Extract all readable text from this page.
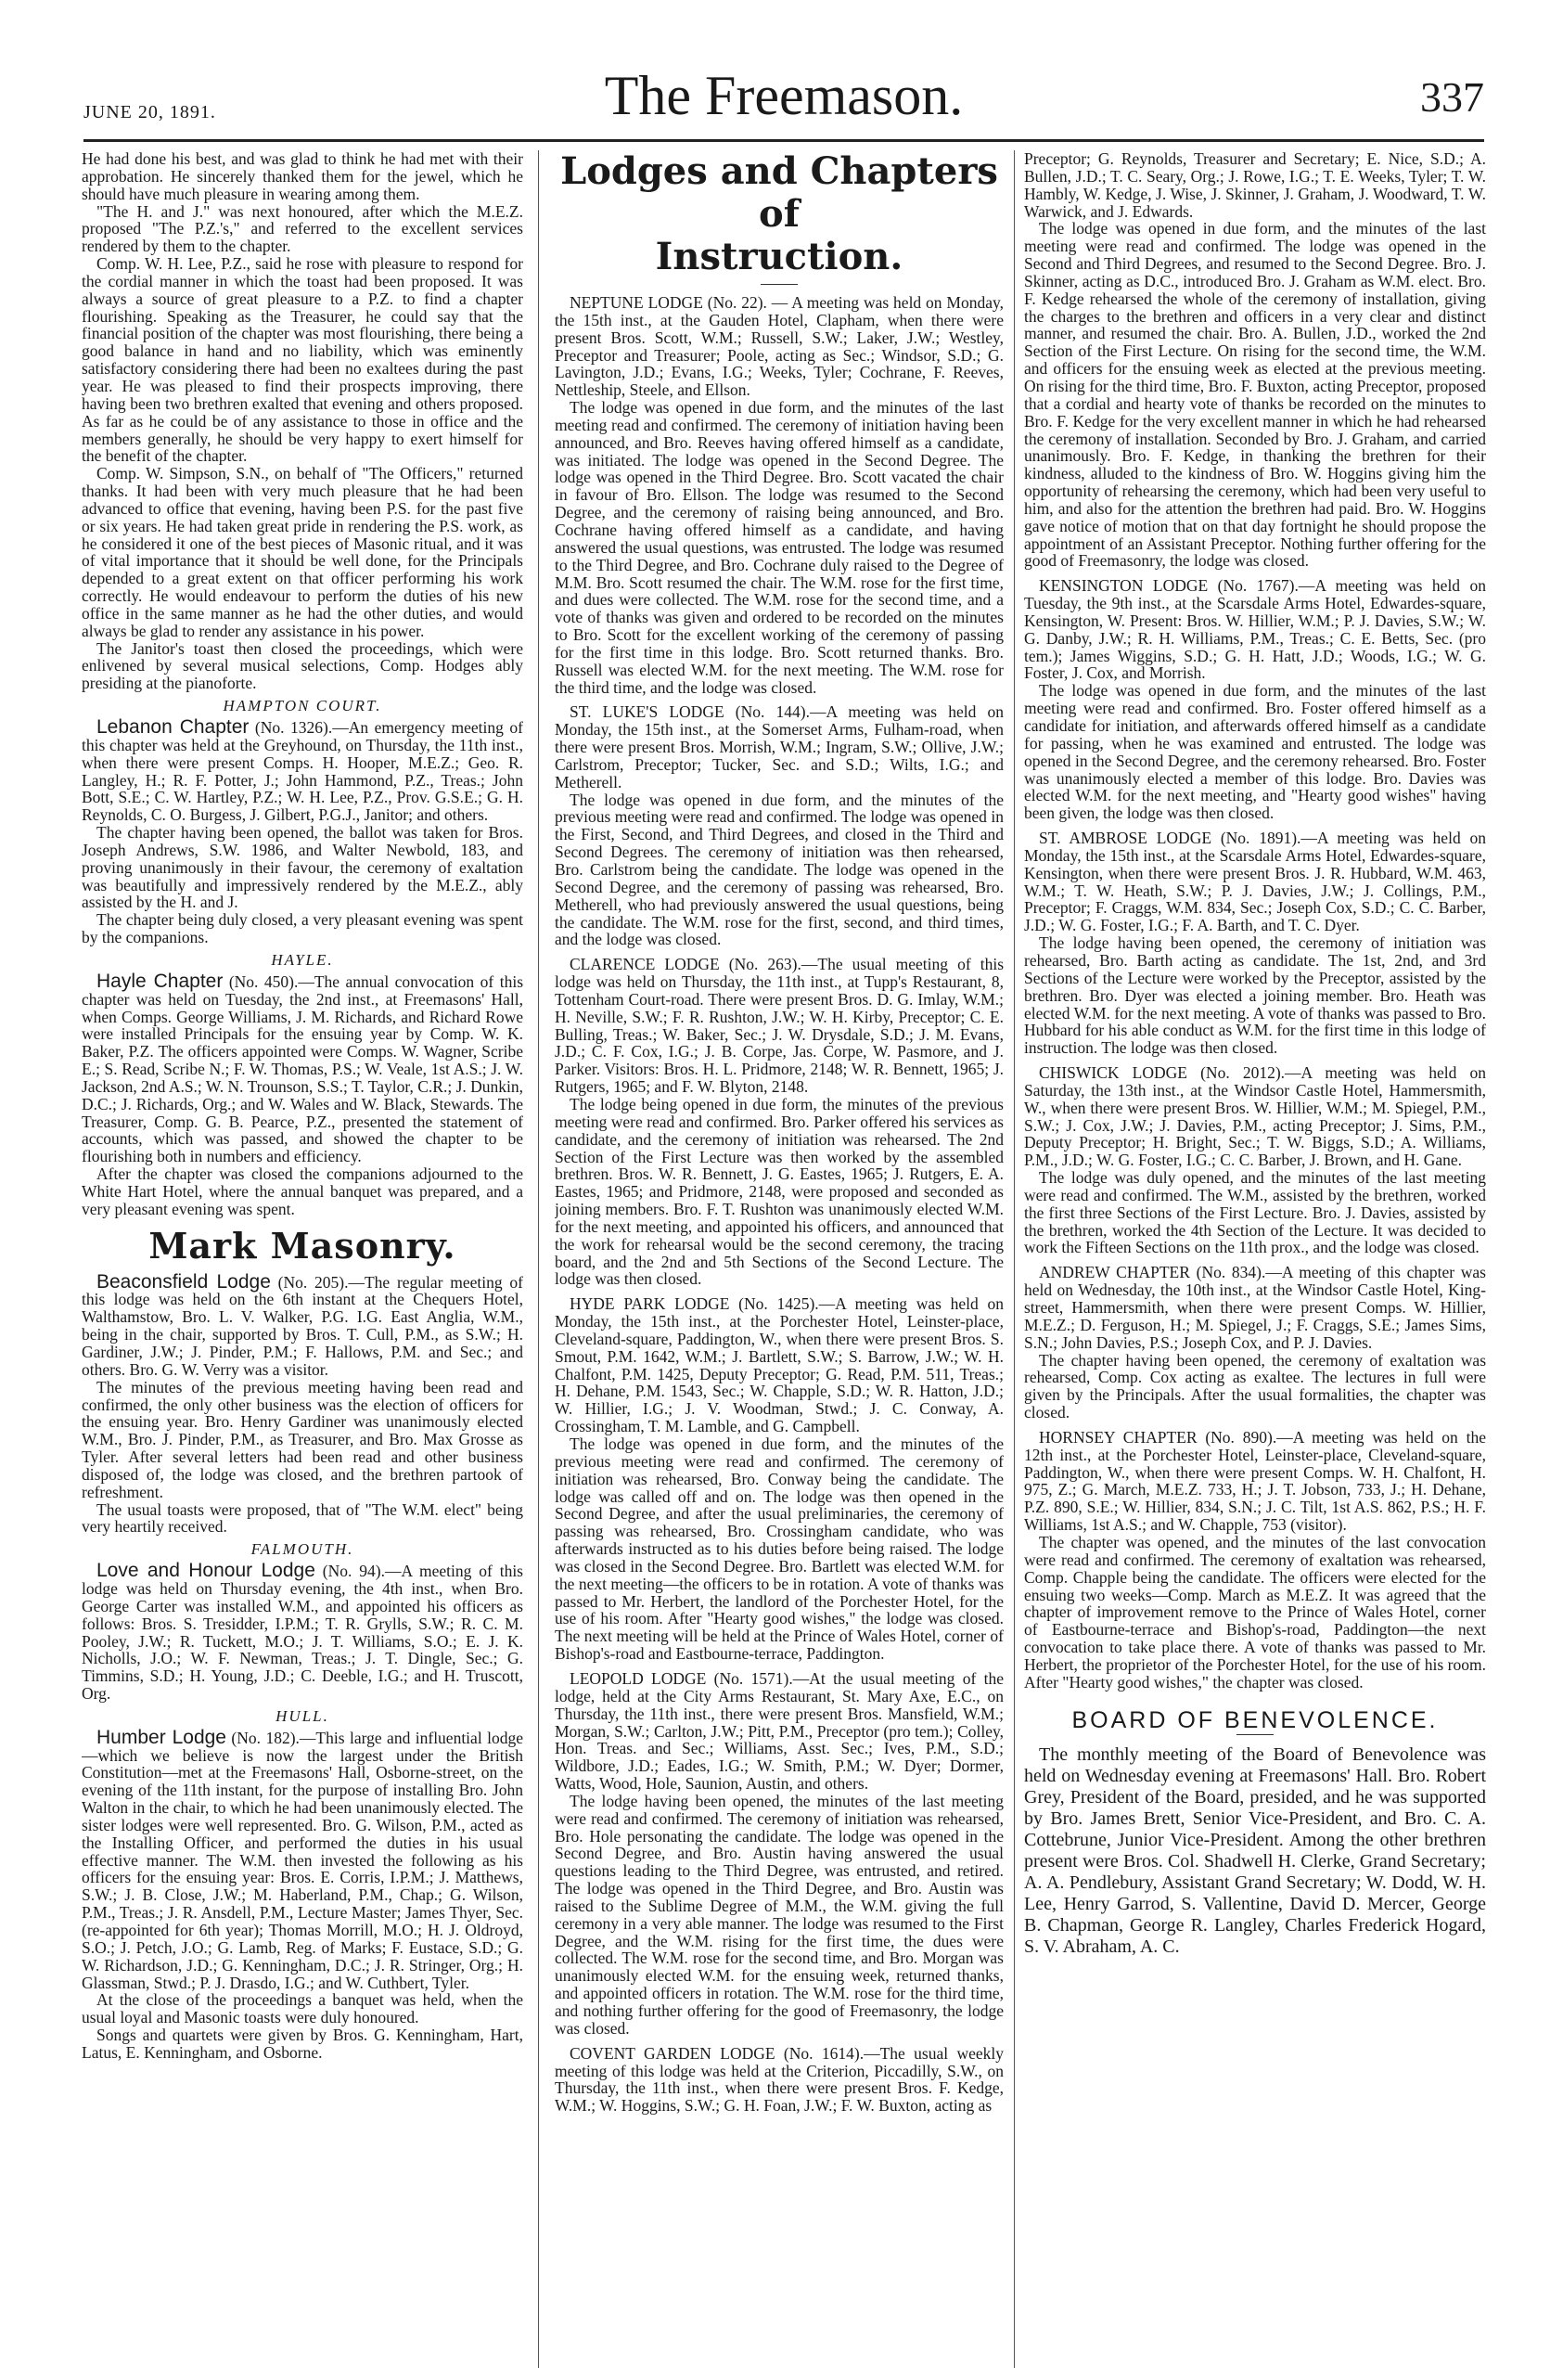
JUNE 20, 1891.	The Freemason.	337

He had done his best, and was glad to think he had met with their approbation. He sincerely thanked them for the jewel, which he should have much pleasure in wearing among them.

"The H. and J." was next honoured, after which the M.E.Z. proposed "The P.Z.'s," and referred to the excellent services rendered by them to the chapter.

Comp. W. H. Lee, P.Z., said he rose with pleasure to respond for the cordial manner in which the toast had been proposed. It was always a source of great pleasure to a P.Z. to find a chapter flourishing. Speaking as the Treasurer, he could say that the financial position of the chapter was most flourishing, there being a good balance in hand and no liability, which was eminently satisfactory considering there had been no exaltees during the past year. He was pleased to find their prospects improving, there having been two brethren exalted that evening and others proposed. As far as he could be of any assistance to those in office and the members generally, he should be very happy to exert himself for the benefit of the chapter.

Comp. W. Simpson, S.N., on behalf of "The Officers," returned thanks. It had been with very much pleasure that he had been advanced to office that evening, having been P.S. for the past five or six years. He had taken great pride in rendering the P.S. work, as he considered it one of the best pieces of Masonic ritual, and it was of vital importance that it should be well done, for the Principals depended to a great extent on that officer performing his work correctly. He would endeavour to perform the duties of his new office in the same manner as he had the other duties, and would always be glad to render any assistance in his power.

The Janitor's toast then closed the proceedings, which were enlivened by several musical selections, Comp. Hodges ably presiding at the pianoforte.

HAMPTON COURT.

Lebanon Chapter (No. 1326).—An emergency meeting of this chapter was held at the Greyhound, on Thursday, the 11th inst., when there were present Comps. H. Hooper, M.E.Z.; Geo. R. Langley, H.; R. F. Potter, J.; John Hammond, P.Z., Treas.; John Bott, S.E.; C. W. Hartley, P.Z.; W. H. Lee, P.Z., Prov. G.S.E.; G. H. Reynolds, C. O. Burgess, J. Gilbert, P.G.J., Janitor; and others.

The chapter having been opened, the ballot was taken for Bros. Joseph Andrews, S.W. 1986, and Walter Newbold, 183, and proving unanimously in their favour, the ceremony of exaltation was beautifully and impressively rendered by the M.E.Z., ably assisted by the H. and J.

The chapter being duly closed, a very pleasant evening was spent by the companions.

HAYLE.

Hayle Chapter (No. 450).—The annual convocation of this chapter was held on Tuesday, the 2nd inst., at Freemasons' Hall, when Comps. George Williams, J. M. Richards, and Richard Rowe were installed Principals for the ensuing year by Comp. W. K. Baker, P.Z. The officers appointed were Comps. W. Wagner, Scribe E.; S. Read, Scribe N.; F. W. Thomas, P.S.; W. Veale, 1st A.S.; J. W. Jackson, 2nd A.S.; W. N. Trounson, S.S.; T. Taylor, C.R.; J. Dunkin, D.C.; J. Richards, Org.; and W. Wales and W. Black, Stewards. The Treasurer, Comp. G. B. Pearce, P.Z., presented the statement of accounts, which was passed, and showed the chapter to be flourishing both in numbers and efficiency.

After the chapter was closed the companions adjourned to the White Hart Hotel, where the annual banquet was prepared, and a very pleasant evening was spent.

Mark Masonry.

Beaconsfield Lodge (No. 205).—The regular meeting of this lodge was held on the 6th instant at the Chequers Hotel, Walthamstow, Bro. L. V. Walker, P.G. I.G. East Anglia, W.M., being in the chair, supported by Bros. T. Cull, P.M., as S.W.; H. Gardiner, J.W.; J. Pinder, P.M.; F. Hallows, P.M. and Sec.; and others. Bro. G. W. Verry was a visitor.

The minutes of the previous meeting having been read and confirmed, the only other business was the election of officers for the ensuing year. Bro. Henry Gardiner was unanimously elected W.M., Bro. J. Pinder, P.M., as Treasurer, and Bro. Max Grosse as Tyler. After several letters had been read and other business disposed of, the lodge was closed, and the brethren partook of refreshment.

The usual toasts were proposed, that of "The W.M. elect" being very heartily received.

FALMOUTH.

Love and Honour Lodge (No. 94).—A meeting of this lodge was held on Thursday evening, the 4th inst., when Bro. George Carter was installed W.M., and appointed his officers as follows: Bros. S. Tresidder, I.P.M.; T. R. Grylls, S.W.; R. C. M. Pooley, J.W.; R. Tuckett, M.O.; J. T. Williams, S.O.; E. J. K. Nicholls, J.O.; W. F. Newman, Treas.; J. T. Dingle, Sec.; G. Timmins, S.D.; H. Young, J.D.; C. Deeble, I.G.; and H. Truscott, Org.

HULL.

Humber Lodge (No. 182).—This large and influential lodge—which we believe is now the largest under the British Constitution—met at the Freemasons' Hall, Osborne-street, on the evening of the 11th instant, for the purpose of installing Bro. John Walton in the chair, to which he had been unanimously elected. The sister lodges were well represented. Bro. G. Wilson, P.M., acted as the Installing Officer, and performed the duties in his usual effective manner. The W.M. then invested the following as his officers for the ensuing year: Bros. E. Corris, I.P.M.; J. Matthews, S.W.; J. B. Close, J.W.; M. Haberland, P.M., Chap.; G. Wilson, P.M., Treas.; J. R. Ansdell, P.M., Lecture Master; James Thyer, Sec. (re-appointed for 6th year); Thomas Morrill, M.O.; H. J. Oldroyd, S.O.; J. Petch, J.O.; G. Lamb, Reg. of Marks; F. Eustace, S.D.; G. W. Richardson, J.D.; G. Kenningham, D.C.; J. R. Stringer, Org.; H. Glassman, Stwd.; P. J. Drasdo, I.G.; and W. Cuthbert, Tyler.

At the close of the proceedings a banquet was held, when the usual loyal and Masonic toasts were duly honoured.

Songs and quartets were given by Bros. G. Kenningham, Hart, Latus, E. Kenningham, and Osborne.

Lodges and Chapters of
Instruction.

NEPTUNE LODGE (No. 22). — A meeting was held on Monday, the 15th inst., at the Gauden Hotel, Clapham, when there were present Bros. Scott, W.M.; Russell, S.W.; Laker, J.W.; Westley, Preceptor and Treasurer; Poole, acting as Sec.; Windsor, S.D.; G. Lavington, J.D.; Evans, I.G.; Weeks, Tyler; Cochrane, F. Reeves, Nettleship, Steele, and Ellson.

The lodge was opened in due form, and the minutes of the last meeting read and confirmed. The ceremony of initiation having been announced, and Bro. Reeves having offered himself as a candidate, was initiated. The lodge was opened in the Second Degree. The lodge was opened in the Third Degree. Bro. Scott vacated the chair in favour of Bro. Ellson. The lodge was resumed to the Second Degree, and the ceremony of raising being announced, and Bro. Cochrane having offered himself as a candidate, and having answered the usual questions, was entrusted. The lodge was resumed to the Third Degree, and Bro. Cochrane duly raised to the Degree of M.M. Bro. Scott resumed the chair. The W.M. rose for the first time, and dues were collected. The W.M. rose for the second time, and a vote of thanks was given and ordered to be recorded on the minutes to Bro. Scott for the excellent working of the ceremony of passing for the first time in this lodge. Bro. Scott returned thanks. Bro. Russell was elected W.M. for the next meeting. The W.M. rose for the third time, and the lodge was closed.

ST. LUKE'S LODGE (No. 144).—A meeting was held on Monday, the 15th inst., at the Somerset Arms, Fulham-road, when there were present Bros. Morrish, W.M.; Ingram, S.W.; Ollive, J.W.; Carlstrom, Preceptor; Tucker, Sec. and S.D.; Wilts, I.G.; and Metherell.

The lodge was opened in due form, and the minutes of the previous meeting were read and confirmed. The lodge was opened in the First, Second, and Third Degrees, and closed in the Third and Second Degrees. The ceremony of initiation was then rehearsed, Bro. Carlstrom being the candidate. The lodge was opened in the Second Degree, and the ceremony of passing was rehearsed, Bro. Metherell, who had previously answered the usual questions, being the candidate. The W.M. rose for the first, second, and third times, and the lodge was closed.

CLARENCE LODGE (No. 263).—The usual meeting of this lodge was held on Thursday, the 11th inst., at Tupp's Restaurant, 8, Tottenham Court-road. There were present Bros. D. G. Imlay, W.M.; H. Neville, S.W.; F. R. Rushton, J.W.; W. H. Kirby, Preceptor; C. E. Bulling, Treas.; W. Baker, Sec.; J. W. Drysdale, S.D.; J. M. Evans, J.D.; C. F. Cox, I.G.; J. B. Corpe, Jas. Corpe, W. Pasmore, and J. Parker. Visitors: Bros. H. L. Pridmore, 2148; W. R. Bennett, 1965; J. Rutgers, 1965; and F. W. Blyton, 2148.

The lodge being opened in due form, the minutes of the previous meeting were read and confirmed. Bro. Parker offered his services as candidate, and the ceremony of initiation was rehearsed. The 2nd Section of the First Lecture was then worked by the assembled brethren. Bros. W. R. Bennett, J. G. Eastes, 1965; J. Rutgers, E. A. Eastes, 1965; and Pridmore, 2148, were proposed and seconded as joining members. Bro. F. T. Rushton was unanimously elected W.M. for the next meeting, and appointed his officers, and announced that the work for rehearsal would be the second ceremony, the tracing board, and the 2nd and 5th Sections of the Second Lecture. The lodge was then closed.

HYDE PARK LODGE (No. 1425).—A meeting was held on Monday, the 15th inst., at the Porchester Hotel, Leinster-place, Cleveland-square, Paddington, W., when there were present Bros. S. Smout, P.M. 1642, W.M.; J. Bartlett, S.W.; S. Barrow, J.W.; W. H. Chalfont, P.M. 1425, Deputy Preceptor; G. Read, P.M. 511, Treas.; H. Dehane, P.M. 1543, Sec.; W. Chapple, S.D.; W. R. Hatton, J.D.; W. Hillier, I.G.; J. V. Woodman, Stwd.; J. C. Conway, A. Crossingham, T. M. Lamble, and G. Campbell.

The lodge was opened in due form, and the minutes of the previous meeting were read and confirmed. The ceremony of initiation was rehearsed, Bro. Conway being the candidate. The lodge was called off and on. The lodge was then opened in the Second Degree, and after the usual preliminaries, the ceremony of passing was rehearsed, Bro. Crossingham candidate, who was afterwards instructed as to his duties before being raised. The lodge was closed in the Second Degree. Bro. Bartlett was elected W.M. for the next meeting—the officers to be in rotation. A vote of thanks was passed to Mr. Herbert, the landlord of the Porchester Hotel, for the use of his room. After "Hearty good wishes," the lodge was closed. The next meeting will be held at the Prince of Wales Hotel, corner of Bishop's-road and Eastbourne-terrace, Paddington.

LEOPOLD LODGE (No. 1571).—At the usual meeting of the lodge, held at the City Arms Restaurant, St. Mary Axe, E.C., on Thursday, the 11th inst., there were present Bros. Mansfield, W.M.; Morgan, S.W.; Carlton, J.W.; Pitt, P.M., Preceptor (pro tem.); Colley, Hon. Treas. and Sec.; Williams, Asst. Sec.; Ives, P.M., S.D.; Wildbore, J.D.; Eades, I.G.; W. Smith, P.M.; W. Dyer; Dormer, Watts, Wood, Hole, Saunion, Austin, and others.

The lodge having been opened, the minutes of the last meeting were read and confirmed. The ceremony of initiation was rehearsed, Bro. Hole personating the candidate. The lodge was opened in the Second Degree, and Bro. Austin having answered the usual questions leading to the Third Degree, was entrusted, and retired. The lodge was opened in the Third Degree, and Bro. Austin was raised to the Sublime Degree of M.M., the W.M. giving the full ceremony in a very able manner. The lodge was resumed to the First Degree, and the W.M. rising for the first time, the dues were collected. The W.M. rose for the second time, and Bro. Morgan was unanimously elected W.M. for the ensuing week, returned thanks, and appointed officers in rotation. The W.M. rose for the third time, and nothing further offering for the good of Freemasonry, the lodge was closed.

COVENT GARDEN LODGE (No. 1614).—The usual weekly meeting of this lodge was held at the Criterion, Piccadilly, S.W., on Thursday, the 11th inst., when there were present Bros. F. Kedge, W.M.; W. Hoggins, S.W.; G. H. Foan, J.W.; F. W. Buxton, acting as

Preceptor; G. Reynolds, Treasurer and Secretary; E. Nice, S.D.; A. Bullen, J.D.; T. C. Seary, Org.; J. Rowe, I.G.; T. E. Weeks, Tyler; T. W. Hambly, W. Kedge, J. Wise, J. Skinner, J. Graham, J. Woodward, T. W. Warwick, and J. Edwards.

The lodge was opened in due form, and the minutes of the last meeting were read and confirmed. The lodge was opened in the Second and Third Degrees, and resumed to the Second Degree. Bro. J. Skinner, acting as D.C., introduced Bro. J. Graham as W.M. elect. Bro. F. Kedge rehearsed the whole of the ceremony of installation, giving the charges to the brethren and officers in a very clear and distinct manner, and resumed the chair. Bro. A. Bullen, J.D., worked the 2nd Section of the First Lecture. On rising for the second time, the W.M. and officers for the ensuing week as elected at the previous meeting. On rising for the third time, Bro. F. Buxton, acting Preceptor, proposed that a cordial and hearty vote of thanks be recorded on the minutes to Bro. F. Kedge for the very excellent manner in which he had rehearsed the ceremony of installation. Seconded by Bro. J. Graham, and carried unanimously. Bro. F. Kedge, in thanking the brethren for their kindness, alluded to the kindness of Bro. W. Hoggins giving him the opportunity of rehearsing the ceremony, which had been very useful to him, and also for the attention the brethren had paid. Bro. W. Hoggins gave notice of motion that on that day fortnight he should propose the appointment of an Assistant Preceptor. Nothing further offering for the good of Freemasonry, the lodge was closed.

KENSINGTON LODGE (No. 1767).—A meeting was held on Tuesday, the 9th inst., at the Scarsdale Arms Hotel, Edwardes-square, Kensington, W. Present: Bros. W. Hillier, W.M.; P. J. Davies, S.W.; W. G. Danby, J.W.; R. H. Williams, P.M., Treas.; C. E. Betts, Sec. (pro tem.); James Wiggins, S.D.; G. H. Hatt, J.D.; Woods, I.G.; W. G. Foster, J. Cox, and Morrish.

The lodge was opened in due form, and the minutes of the last meeting were read and confirmed. Bro. Foster offered himself as a candidate for initiation, and afterwards offered himself as a candidate for passing, when he was examined and entrusted. The lodge was opened in the Second Degree, and the ceremony rehearsed. Bro. Foster was unanimously elected a member of this lodge. Bro. Davies was elected W.M. for the next meeting, and "Hearty good wishes" having been given, the lodge was then closed.

ST. AMBROSE LODGE (No. 1891).—A meeting was held on Monday, the 15th inst., at the Scarsdale Arms Hotel, Edwardes-square, Kensington, when there were present Bros. J. R. Hubbard, W.M. 463, W.M.; T. W. Heath, S.W.; P. J. Davies, J.W.; J. Collings, P.M., Preceptor; F. Craggs, W.M. 834, Sec.; Joseph Cox, S.D.; C. C. Barber, J.D.; W. G. Foster, I.G.; F. A. Barth, and T. C. Dyer.

The lodge having been opened, the ceremony of initiation was rehearsed, Bro. Barth acting as candidate. The 1st, 2nd, and 3rd Sections of the Lecture were worked by the Preceptor, assisted by the brethren. Bro. Dyer was elected a joining member. Bro. Heath was elected W.M. for the next meeting. A vote of thanks was passed to Bro. Hubbard for his able conduct as W.M. for the first time in this lodge of instruction. The lodge was then closed.

CHISWICK LODGE (No. 2012).—A meeting was held on Saturday, the 13th inst., at the Windsor Castle Hotel, Hammersmith, W., when there were present Bros. W. Hillier, W.M.; M. Spiegel, P.M., S.W.; J. Cox, J.W.; J. Davies, P.M., acting Preceptor; J. Sims, P.M., Deputy Preceptor; H. Bright, Sec.; T. W. Biggs, S.D.; A. Williams, P.M., J.D.; W. G. Foster, I.G.; C. C. Barber, J. Brown, and H. Gane.

The lodge was duly opened, and the minutes of the last meeting were read and confirmed. The W.M., assisted by the brethren, worked the first three Sections of the First Lecture. Bro. J. Davies, assisted by the brethren, worked the 4th Section of the Lecture. It was decided to work the Fifteen Sections on the 11th prox., and the lodge was closed.

ANDREW CHAPTER (No. 834).—A meeting of this chapter was held on Wednesday, the 10th inst., at the Windsor Castle Hotel, King-street, Hammersmith, when there were present Comps. W. Hillier, M.E.Z.; D. Ferguson, H.; M. Spiegel, J.; F. Craggs, S.E.; James Sims, S.N.; John Davies, P.S.; Joseph Cox, and P. J. Davies.

The chapter having been opened, the ceremony of exaltation was rehearsed, Comp. Cox acting as exaltee. The lectures in full were given by the Principals. After the usual formalities, the chapter was closed.

HORNSEY CHAPTER (No. 890).—A meeting was held on the 12th inst., at the Porchester Hotel, Leinster-place, Cleveland-square, Paddington, W., when there were present Comps. W. H. Chalfont, H. 975, Z.; G. March, M.E.Z. 733, H.; J. T. Jobson, 733, J.; H. Dehane, P.Z. 890, S.E.; W. Hillier, 834, S.N.; J. C. Tilt, 1st A.S. 862, P.S.; H. F. Williams, 1st A.S.; and W. Chapple, 753 (visitor).

The chapter was opened, and the minutes of the last convocation were read and confirmed. The ceremony of exaltation was rehearsed, Comp. Chapple being the candidate. The officers were elected for the ensuing two weeks—Comp. March as M.E.Z. It was agreed that the chapter of improvement remove to the Prince of Wales Hotel, corner of Eastbourne-terrace and Bishop's-road, Paddington—the next convocation to take place there. A vote of thanks was passed to Mr. Herbert, the proprietor of the Porchester Hotel, for the use of his room. After "Hearty good wishes," the chapter was closed.

BOARD OF BENEVOLENCE.

The monthly meeting of the Board of Benevolence was held on Wednesday evening at Freemasons' Hall. Bro. Robert Grey, President of the Board, presided, and he was supported by Bro. James Brett, Senior Vice-President, and Bro. C. A. Cottebrune, Junior Vice-President. Among the other brethren present were Bros. Col. Shadwell H. Clerke, Grand Secretary; A. A. Pendlebury, Assistant Grand Secretary; W. Dodd, W. H. Lee, Henry Garrod, S. Vallentine, David D. Mercer, George B. Chapman, George R. Langley, Charles Frederick Hogard, S. V. Abraham, A. C.
